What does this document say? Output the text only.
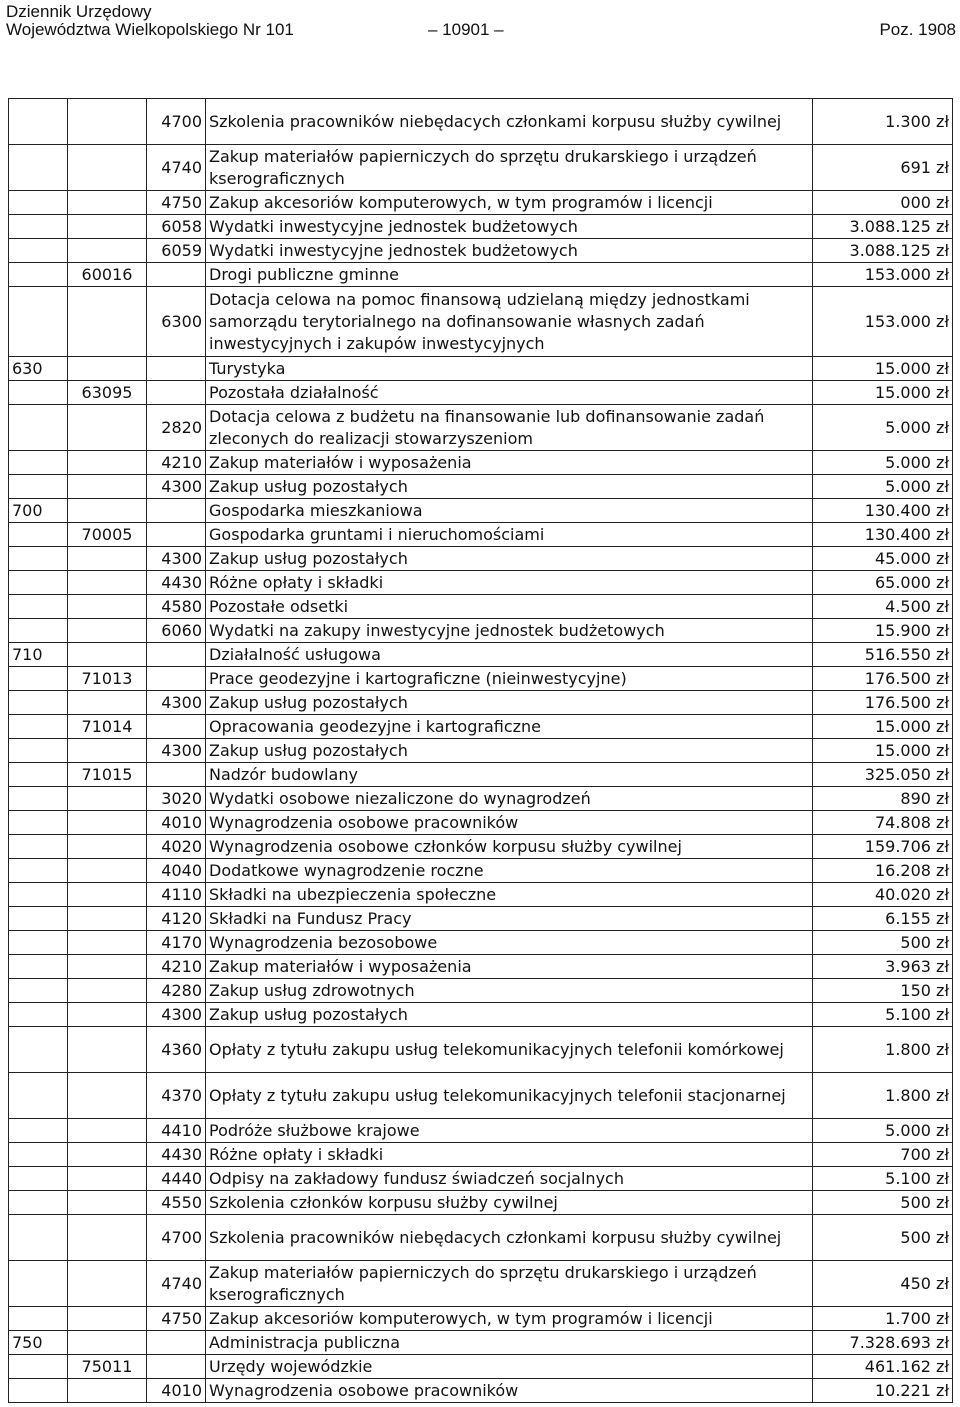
Dziennik Urzędowy
Województwa Wielkopolskiego Nr 101	– 10901 –	Poz. 1908
		4700	Szkolenia pracowników niebędacych członkami korpusu służby cywilnej	1.300 zł
		4740	Zakup materiałów papierniczych do sprzętu drukarskiego i urządzeń kserograficznych	691 zł
		4750	Zakup akcesoriów komputerowych, w tym programów i licencji	000 zł
		6058	Wydatki inwestycyjne jednostek budżetowych	3.088.125 zł
		6059	Wydatki inwestycyjne jednostek budżetowych	3.088.125 zł
	60016		Drogi publiczne gminne	153.000 zł
		6300	Dotacja celowa na pomoc finansową udzielaną między jednostkami samorządu terytorialnego na dofinansowanie własnych zadań inwestycyjnych i zakupów inwestycyjnych	153.000 zł
630			Turystyka	15.000 zł
	63095		Pozostała działalność	15.000 zł
		2820	Dotacja celowa z budżetu na finansowanie lub dofinansowanie zadań zleconych do realizacji stowarzyszeniom	5.000 zł
		4210	Zakup materiałów i wyposażenia	5.000 zł
		4300	Zakup usług pozostałych	5.000 zł
700			Gospodarka mieszkaniowa	130.400 zł
	70005		Gospodarka gruntami i nieruchomościami	130.400 zł
		4300	Zakup usług pozostałych	45.000 zł
		4430	Różne opłaty i składki	65.000 zł
		4580	Pozostałe odsetki	4.500 zł
		6060	Wydatki na zakupy inwestycyjne jednostek budżetowych	15.900 zł
710			Działalność usługowa	516.550 zł
	71013		Prace geodezyjne i kartograficzne (nieinwestycyjne)	176.500 zł
		4300	Zakup usług pozostałych	176.500 zł
	71014		Opracowania geodezyjne i kartograficzne	15.000 zł
		4300	Zakup usług pozostałych	15.000 zł
	71015		Nadzór budowlany	325.050 zł
		3020	Wydatki osobowe niezaliczone do wynagrodzeń	890 zł
		4010	Wynagrodzenia osobowe pracowników	74.808 zł
		4020	Wynagrodzenia osobowe członków korpusu służby cywilnej	159.706 zł
		4040	Dodatkowe wynagrodzenie roczne	16.208 zł
		4110	Składki na ubezpieczenia społeczne	40.020 zł
		4120	Składki na Fundusz Pracy	6.155 zł
		4170	Wynagrodzenia bezosobowe	500 zł
		4210	Zakup materiałów i wyposażenia	3.963 zł
		4280	Zakup usług zdrowotnych	150 zł
		4300	Zakup usług pozostałych	5.100 zł
		4360	Opłaty z tytułu zakupu usług telekomunikacyjnych telefonii komórkowej	1.800 zł
		4370	Opłaty z tytułu zakupu usług telekomunikacyjnych telefonii stacjonarnej	1.800 zł
		4410	Podróże służbowe krajowe	5.000 zł
		4430	Różne opłaty i składki	700 zł
		4440	Odpisy na zakładowy fundusz świadczeń socjalnych	5.100 zł
		4550	Szkolenia członków korpusu służby cywilnej	500 zł
		4700	Szkolenia pracowników niebędacych członkami korpusu służby cywilnej	500 zł
		4740	Zakup materiałów papierniczych do sprzętu drukarskiego i urządzeń kserograficznych	450 zł
		4750	Zakup akcesoriów komputerowych, w tym programów i licencji	1.700 zł
750			Administracja publiczna	7.328.693 zł
	75011		Urzędy wojewódzkie	461.162 zł
		4010	Wynagrodzenia osobowe pracowników	10.221 zł
